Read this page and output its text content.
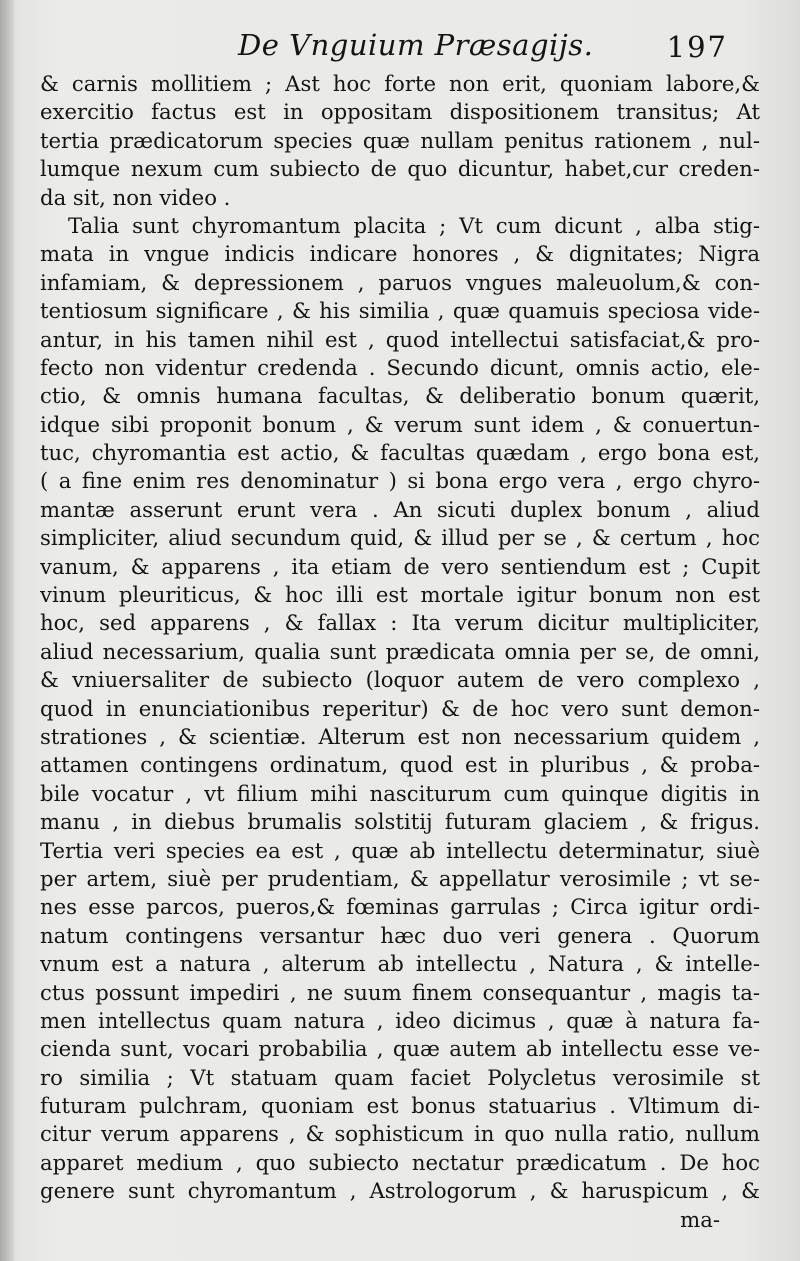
De Vnguium Præsagijs.	197
& carnis mollitiem ; Ast hoc forte non erit, quoniam labore,&
exercitio factus est in oppositam dispositionem transitus; At
tertia prædicatorum species quæ nullam penitus rationem , nul-
lumque nexum cum subiecto de quo dicuntur, habet,cur creden-
da sit, non video .
Talia sunt chyromantum placita ; Vt cum dicunt , alba stig-
mata in vngue indicis indicare honores , & dignitates; Nigra
infamiam, & depressionem , paruos vngues maleuolum,& con-
tentiosum significare , & his similia , quæ quamuis speciosa vide-
antur, in his tamen nihil est , quod intellectui satisfaciat,& pro-
fecto non videntur credenda . Secundo dicunt, omnis actio, ele-
ctio, & omnis humana facultas, & deliberatio bonum quærit,
idque sibi proponit bonum , & verum sunt idem , & conuertun-
tuc, chyromantia est actio, & facultas quædam , ergo bona est,
( a fine enim res denominatur ) si bona ergo vera , ergo chyro-
mantæ asserunt erunt vera . An sicuti duplex bonum , aliud
simpliciter, aliud secundum quid, & illud per se , & certum , hoc
vanum, & apparens , ita etiam de vero sentiendum est ; Cupit
vinum pleuriticus, & hoc illi est mortale igitur bonum non est
hoc, sed apparens , & fallax : Ita verum dicitur multipliciter,
aliud necessarium, qualia sunt prædicata omnia per se, de omni,
& vniuersaliter de subiecto (loquor autem de vero complexo ,
quod in enunciationibus reperitur) & de hoc vero sunt demon-
strationes , & scientiæ. Alterum est non necessarium quidem ,
attamen contingens ordinatum, quod est in pluribus , & proba-
bile vocatur , vt filium mihi nasciturum cum quinque digitis in
manu , in diebus brumalis solstitij futuram glaciem , & frigus.
Tertia veri species ea est , quæ ab intellectu determinatur, siuè
per artem, siuè per prudentiam, & appellatur verosimile ; vt se-
nes esse parcos, pueros,& fœminas garrulas ; Circa igitur ordi-
natum contingens versantur hæc duo veri genera . Quorum
vnum est a natura , alterum ab intellectu , Natura , & intelle-
ctus possunt impediri , ne suum finem consequantur , magis ta-
men intellectus quam natura , ideo dicimus , quæ à natura fa-
cienda sunt, vocari probabilia , quæ autem ab intellectu esse ve-
ro similia ; Vt statuam quam faciet Polycletus verosimile st
futuram pulchram, quoniam est bonus statuarius . Vltimum di-
citur verum apparens , & sophisticum in quo nulla ratio, nullum
apparet medium , quo subiecto nectatur prædicatum . De hoc
genere sunt chyromantum , Astrologorum , & haruspicum , &
ma-
